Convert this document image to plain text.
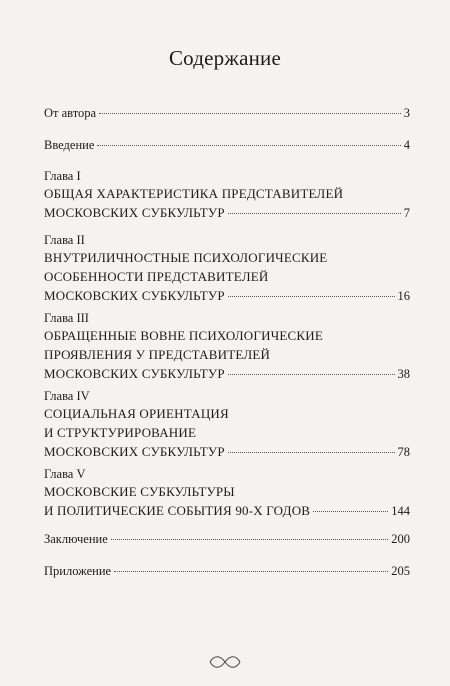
Содержание
От автора	3
Введение	4
Глава I
ОБЩАЯ ХАРАКТЕРИСТИКА ПРЕДСТАВИТЕЛЕЙ
МОСКОВСКИХ СУБКУЛЬТУР	7
Глава II
ВНУТРИЛИЧНОСТНЫЕ ПСИХОЛОГИЧЕСКИЕ
ОСОБЕННОСТИ ПРЕДСТАВИТЕЛЕЙ
МОСКОВСКИХ СУБКУЛЬТУР	16
Глава III
ОБРАЩЕННЫЕ ВОВНЕ ПСИХОЛОГИЧЕСКИЕ
ПРОЯВЛЕНИЯ У ПРЕДСТАВИТЕЛЕЙ
МОСКОВСКИХ СУБКУЛЬТУР	38
Глава IV
СОЦИАЛЬНАЯ ОРИЕНТАЦИЯ
И СТРУКТУРИРОВАНИЕ
МОСКОВСКИХ СУБКУЛЬТУР	78
Глава V
МОСКОВСКИЕ СУБКУЛЬТУРЫ
И ПОЛИТИЧЕСКИЕ СОБЫТИЯ 90-Х ГОДОВ	144
Заключение	200
Приложение	205
